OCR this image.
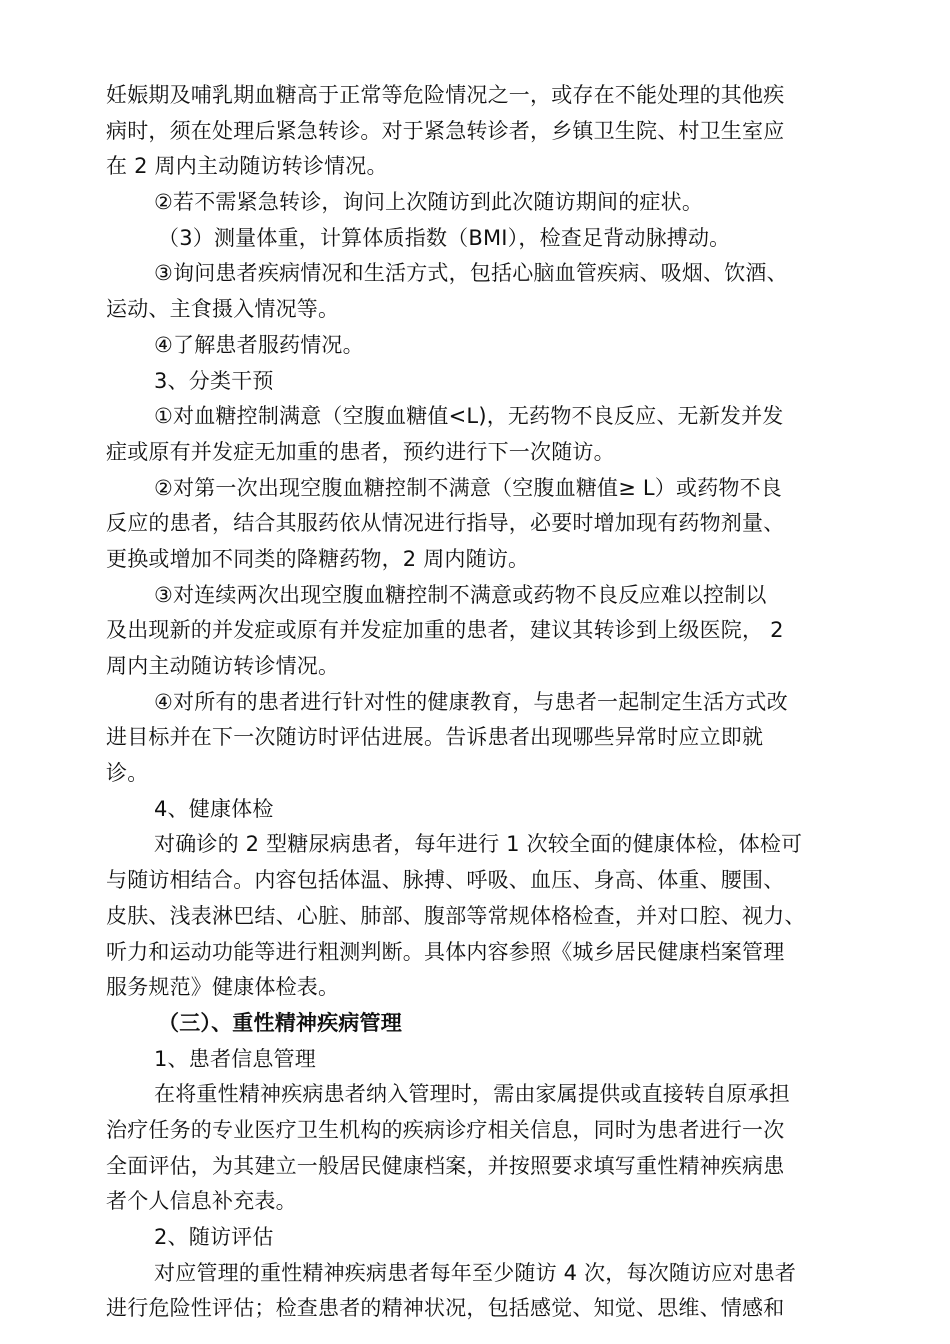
妊娠期及哺乳期血糖高于正常等危险情况之一，或存在不能处理的其他疾
病时，须在处理后紧急转诊。对于紧急转诊者，乡镇卫生院、村卫生室应
在 2 周内主动随访转诊情况。
②若不需紧急转诊，询问上次随访到此次随访期间的症状。
（3）测量体重，计算体质指数（BMI），检查足背动脉搏动。
③询问患者疾病情况和生活方式，包括心脑血管疾病、吸烟、饮酒、
运动、主食摄入情况等。
④了解患者服药情况。
3、分类干预
①对血糖控制满意（空腹血糖值<L)，无药物不良反应、无新发并发
症或原有并发症无加重的患者，预约进行下一次随访。
②对第一次出现空腹血糖控制不满意（空腹血糖值≥ L）或药物不良
反应的患者，结合其服药依从情况进行指导，必要时增加现有药物剂量、
更换或增加不同类的降糖药物，2 周内随访。
③对连续两次出现空腹血糖控制不满意或药物不良反应难以控制以
及出现新的并发症或原有并发症加重的患者，建议其转诊到上级医院， 2
周内主动随访转诊情况。
④对所有的患者进行针对性的健康教育，与患者一起制定生活方式改
进目标并在下一次随访时评估进展。告诉患者出现哪些异常时应立即就
诊。
4、健康体检
对确诊的 2 型糖尿病患者，每年进行 1 次较全面的健康体检，体检可
与随访相结合。内容包括体温、脉搏、呼吸、血压、身高、体重、腰围、
皮肤、浅表淋巴结、心脏、肺部、腹部等常规体格检查，并对口腔、视力、
听力和运动功能等进行粗测判断。具体内容参照《城乡居民健康档案管理
服务规范》健康体检表。
（三）、重性精神疾病管理
1、患者信息管理
在将重性精神疾病患者纳入管理时，需由家属提供或直接转自原承担
治疗任务的专业医疗卫生机构的疾病诊疗相关信息，同时为患者进行一次
全面评估，为其建立一般居民健康档案，并按照要求填写重性精神疾病患
者个人信息补充表。
2、随访评估
对应管理的重性精神疾病患者每年至少随访 4 次，每次随访应对患者
进行危险性评估；检查患者的精神状况，包括感觉、知觉、思维、情感和
